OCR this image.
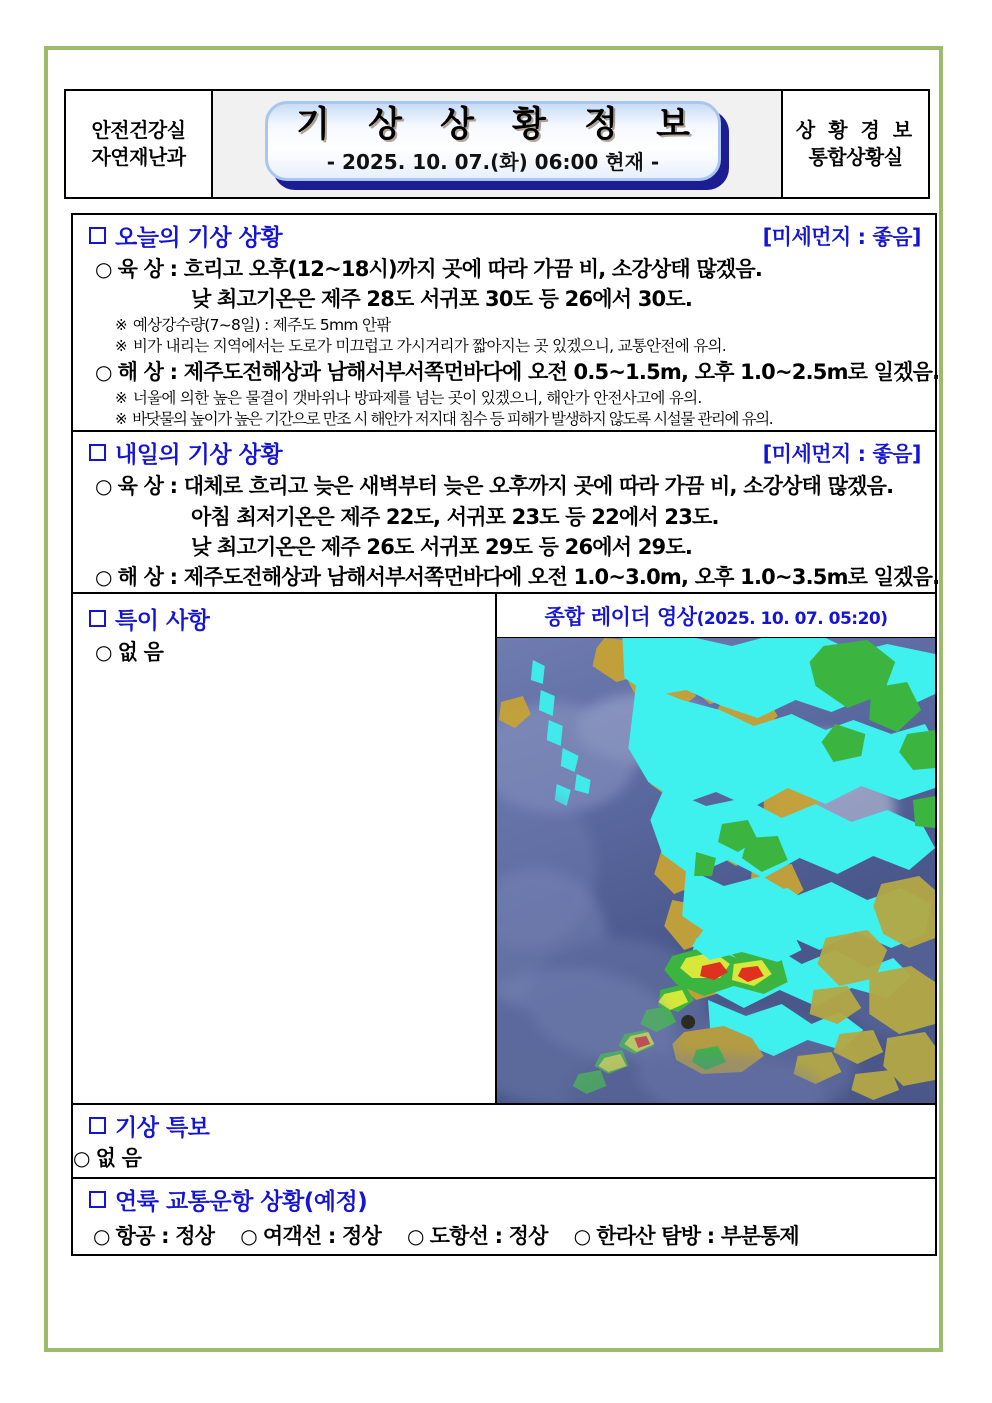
안전건강실
자연재난과
기 상 상 황 정 보
- 2025. 10. 07.(화) 06:00 현재 -
상 황 경 보
통합상황실
오늘의 기상 상황	[미세먼지 : 좋음]
○ 육 상 : 흐리고 오후(12~18시)까지 곳에 따라 가끔 비, 소강상태 많겠음.
낮 최고기온은 제주 28도 서귀포 30도 등 26에서 30도.
※ 예상강수량(7~8일) : 제주도 5mm 안팎
※ 비가 내리는 지역에서는 도로가 미끄럽고 가시거리가 짧아지는 곳 있겠으니, 교통안전에 유의.
○ 해 상 : 제주도전해상과 남해서부서쪽먼바다에 오전 0.5~1.5m, 오후 1.0~2.5m로 일겠음.
※ 너울에 의한 높은 물결이 갯바위나 방파제를 넘는 곳이 있겠으니, 해안가 안전사고에 유의.
※ 바닷물의 높이가 높은 기간으로 만조 시 해안가 저지대 침수 등 피해가 발생하지 않도록 시설물 관리에 유의.
내일의 기상 상황	[미세먼지 : 좋음]
○ 육 상 : 대체로 흐리고 늦은 새벽부터 늦은 오후까지 곳에 따라 가끔 비, 소강상태 많겠음.
아침 최저기온은 제주 22도, 서귀포 23도 등 22에서 23도.
낮 최고기온은 제주 26도 서귀포 29도 등 26에서 29도.
○ 해 상 : 제주도전해상과 남해서부서쪽먼바다에 오전 1.0~3.0m, 오후 1.0~3.5m로 일겠음.
특이 사항
○ 없 음
종합 레이더 영상(2025. 10. 07. 05:20)
기상 특보
○ 없 음
연륙 교통운항 상황(예정)
○ 항공 : 정상 ○ 여객선 : 정상 ○ 도항선 : 정상 ○ 한라산 탐방 : 부분통제
